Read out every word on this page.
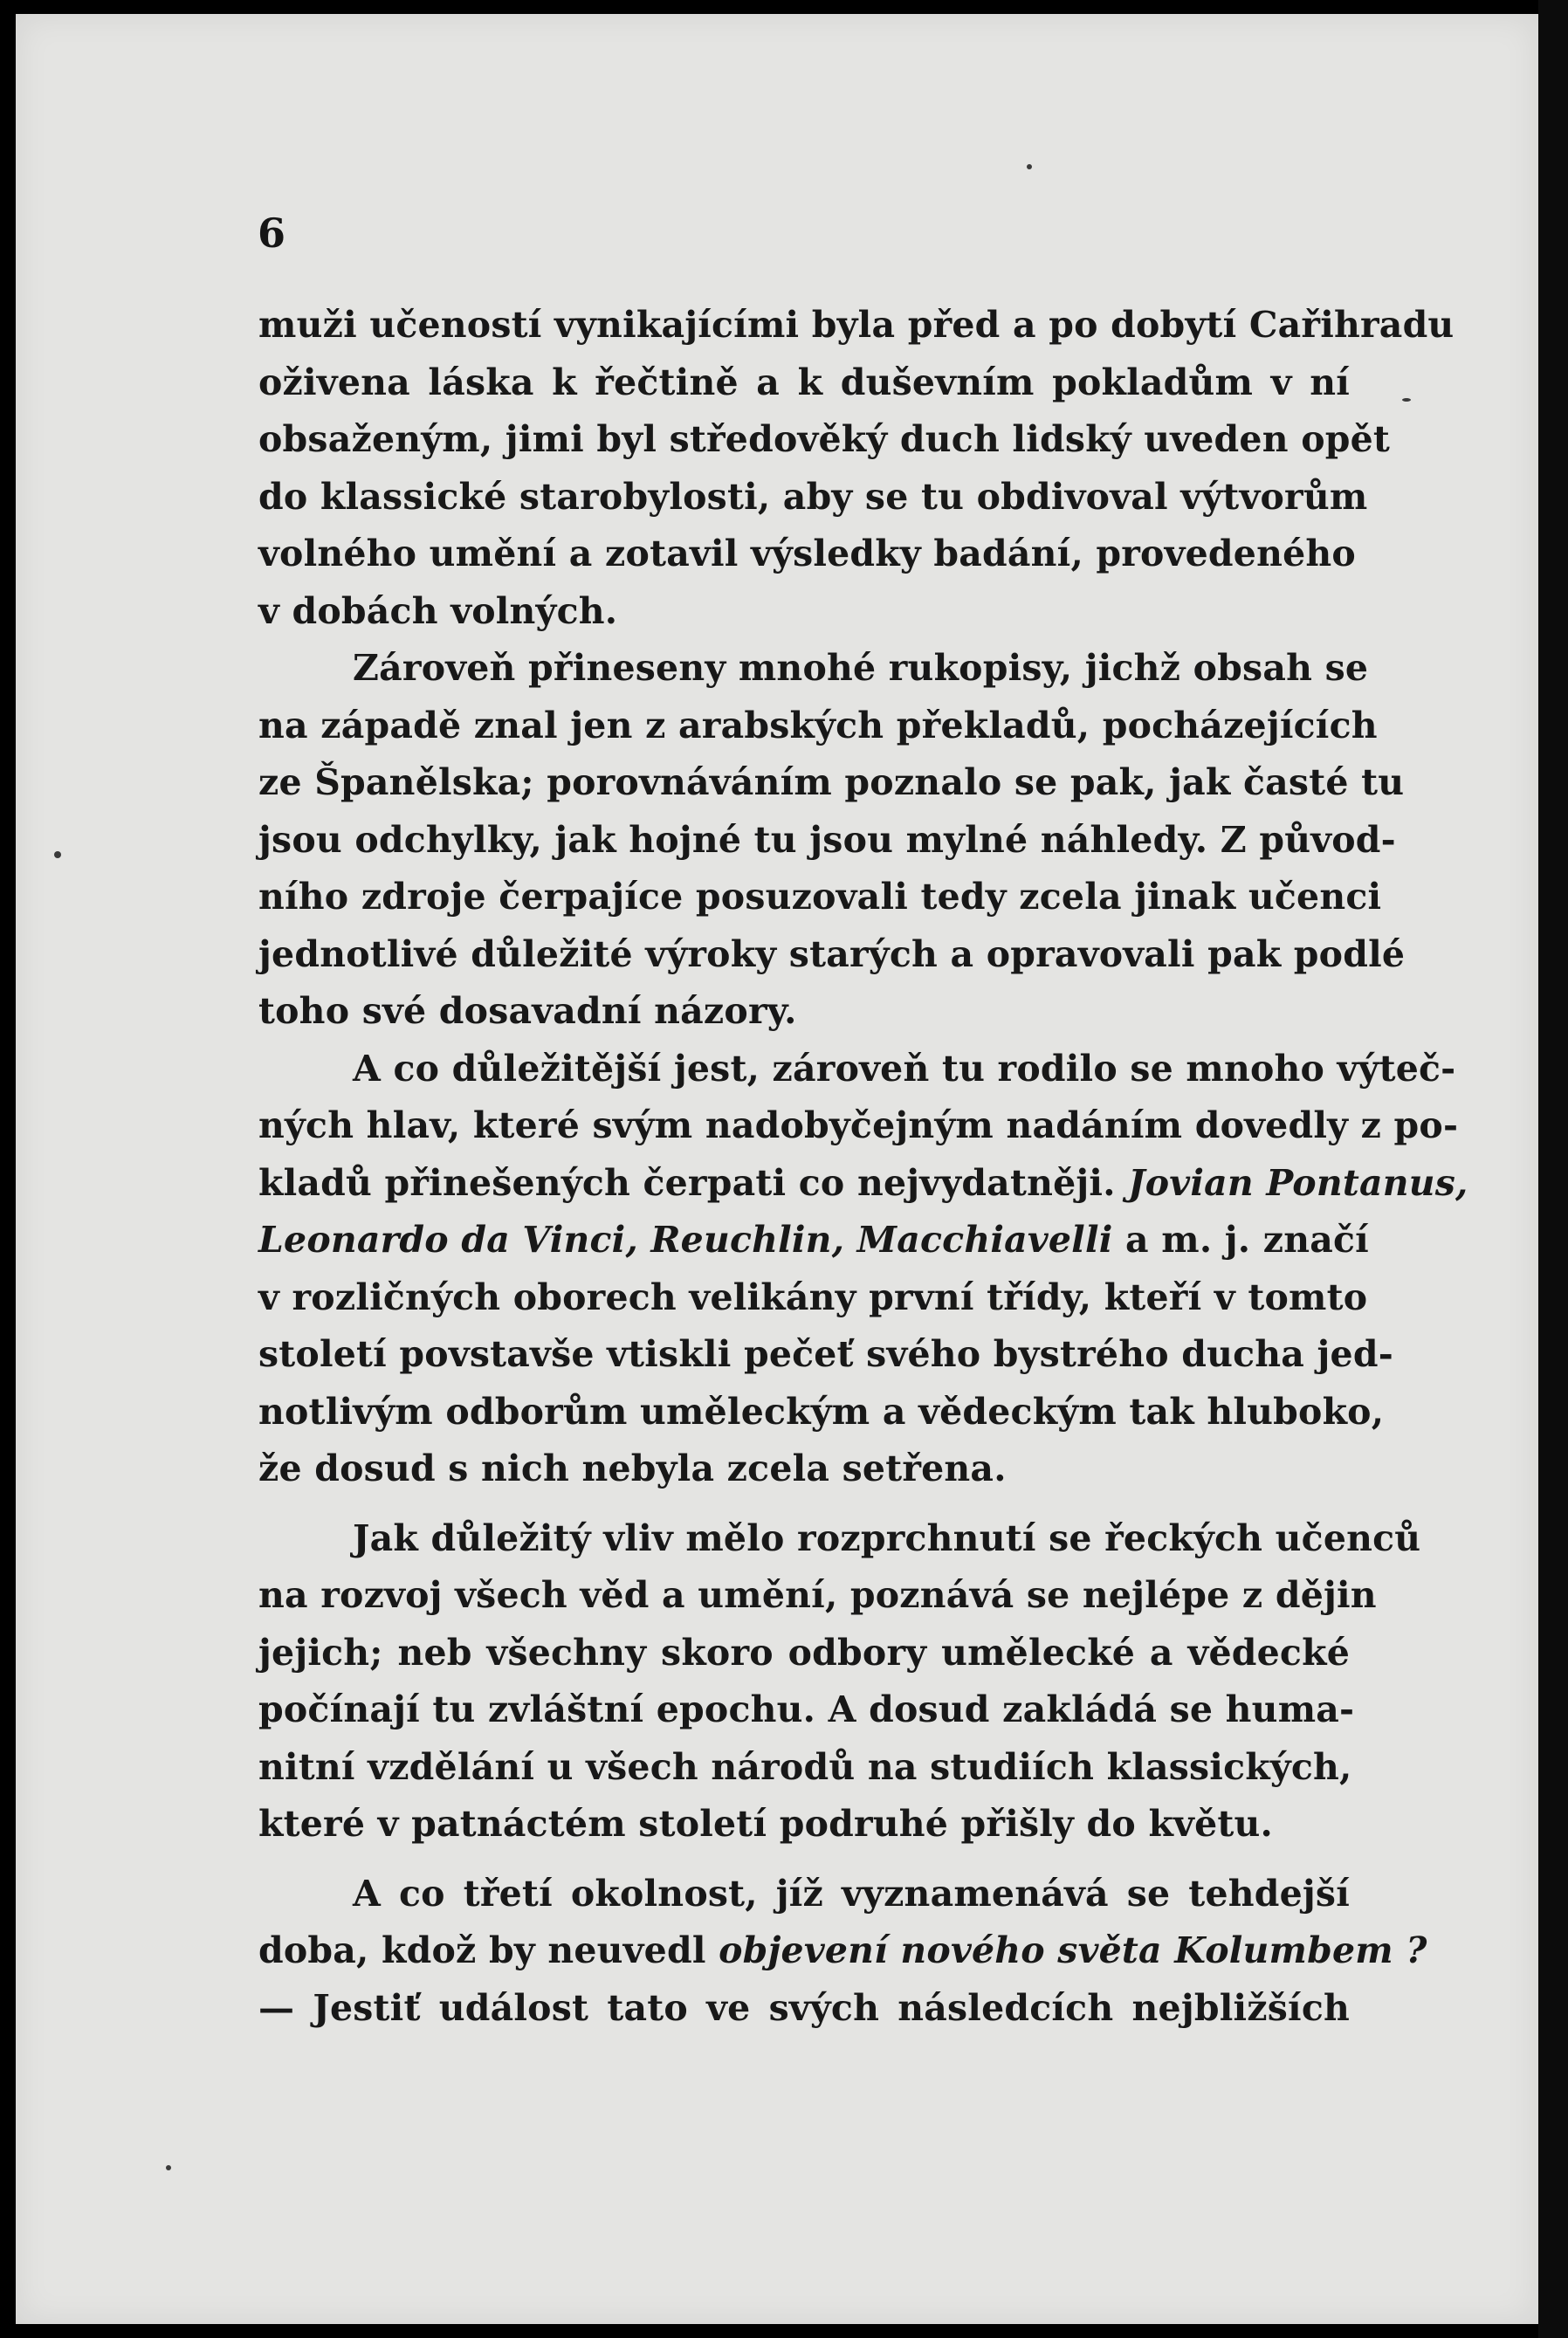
6

muži učeností vynikajícími byla před a po dobytí Cařihradu
oživena láska k řečtině a k duševním pokladům v ní
obsaženým, jimi byl středověký duch lidský uveden opět
do klassické starobylosti, aby se tu obdivoval výtvorům
volného umění a zotavil výsledky badání, provedeného
v dobách volných.

Zároveň přineseny mnohé rukopisy, jichž obsah se
na západě znal jen z arabských překladů, pocházejících
ze Španělska; porovnáváním poznalo se pak, jak časté tu
jsou odchylky, jak hojné tu jsou mylné náhledy. Z původ-
ního zdroje čerpajíce posuzovali tedy zcela jinak učenci
jednotlivé důležité výroky starých a opravovali pak podlé
toho své dosavadní názory.

A co důležitější jest, zároveň tu rodilo se mnoho výteč-
ných hlav, které svým nadobyčejným nadáním dovedly z po-
kladů přinešených čerpati co nejvydatněji. Jovian Pontanus,
Leonardo da Vinci, Reuchlin, Macchiavelli a m. j. značí
v rozličných oborech velikány první třídy, kteří v tomto
století povstavše vtiskli pečeť svého bystrého ducha jed-
notlivým odborům uměleckým a vědeckým tak hluboko,
že dosud s nich nebyla zcela setřena.

Jak důležitý vliv mělo rozprchnutí se řeckých učenců
na rozvoj všech věd a umění, poznává se nejlépe z dějin
jejich; neb všechny skoro odbory umělecké a vědecké
počínají tu zvláštní epochu. A dosud zakládá se huma-
nitní vzdělání u všech národů na studiích klassických,
které v patnáctém století podruhé přišly do květu.

A co třetí okolnost, jíž vyznamenává se tehdejší
doba, kdož by neuvedl objevení nového světa Kolumbem ?
— Jestiť událost tato ve svých následcích nejbližších
